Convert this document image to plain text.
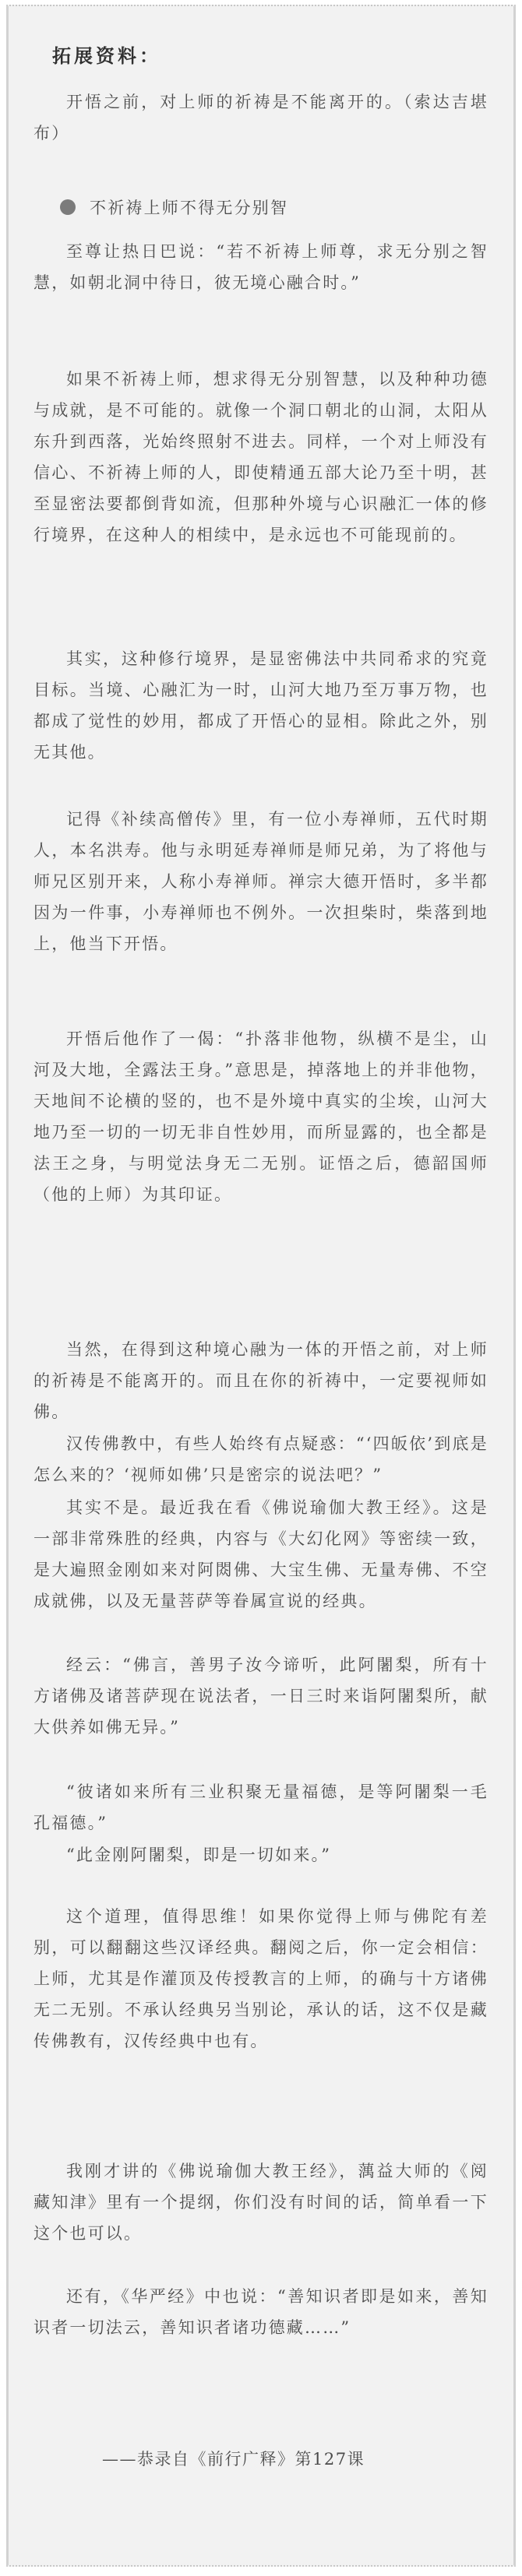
拓展资料：

开悟之前，对上师的祈祷是不能离开的。（索达吉堪布）

不祈祷上师不得无分别智

至尊让热日巴说：“若不祈祷上师尊，求无分别之智慧，如朝北洞中待日，彼无境心融合时。”

如果不祈祷上师，想求得无分别智慧，以及种种功德与成就，是不可能的。就像一个洞口朝北的山洞，太阳从东升到西落，光始终照射不进去。同样，一个对上师没有信心、不祈祷上师的人，即使精通五部大论乃至十明，甚至显密法要都倒背如流，但那种外境与心识融汇一体的修行境界，在这种人的相续中，是永远也不可能现前的。

其实，这种修行境界，是显密佛法中共同希求的究竟目标。当境、心融汇为一时，山河大地乃至万事万物，也都成了觉性的妙用，都成了开悟心的显相。除此之外，别无其他。

记得《补续高僧传》里，有一位小寿禅师，五代时期人，本名洪寿。他与永明延寿禅师是师兄弟，为了将他与师兄区别开来，人称小寿禅师。禅宗大德开悟时，多半都因为一件事，小寿禅师也不例外。一次担柴时，柴落到地上，他当下开悟。

开悟后他作了一偈：“扑落非他物，纵横不是尘，山河及大地，全露法王身。”意思是，掉落地上的并非他物，天地间不论横的竖的，也不是外境中真实的尘埃，山河大地乃至一切的一切无非自性妙用，而所显露的，也全都是法王之身，与明觉法身无二无别。证悟之后，德韶国师（他的上师）为其印证。

当然，在得到这种境心融为一体的开悟之前，对上师的祈祷是不能离开的。而且在你的祈祷中，一定要视师如佛。

汉传佛教中，有些人始终有点疑惑：“‘四皈依’到底是怎么来的？‘视师如佛’只是密宗的说法吧？”

其实不是。最近我在看《佛说瑜伽大教王经》。这是一部非常殊胜的经典，内容与《大幻化网》等密续一致，是大遍照金刚如来对阿閦佛、大宝生佛、无量寿佛、不空成就佛，以及无量菩萨等眷属宣说的经典。

经云：“佛言，善男子汝今谛听，此阿闍梨，所有十方诸佛及诸菩萨现在说法者，一日三时来诣阿闍梨所，献大供养如佛无异。”

“彼诸如来所有三业积聚无量福德，是等阿闍梨一毛孔福德。”

“此金刚阿闍梨，即是一切如来。”

这个道理，值得思维！如果你觉得上师与佛陀有差别，可以翻翻这些汉译经典。翻阅之后，你一定会相信：上师，尤其是作灌顶及传授教言的上师，的确与十方诸佛无二无别。不承认经典另当别论，承认的话，这不仅是藏传佛教有，汉传经典中也有。

我刚才讲的《佛说瑜伽大教王经》，蕅益大师的《阅藏知津》里有一个提纲，你们没有时间的话，简单看一下这个也可以。

还有，《华严经》中也说：“善知识者即是如来，善知识者一切法云，善知识者诸功德藏……”

——恭录自《前行广释》第127课
